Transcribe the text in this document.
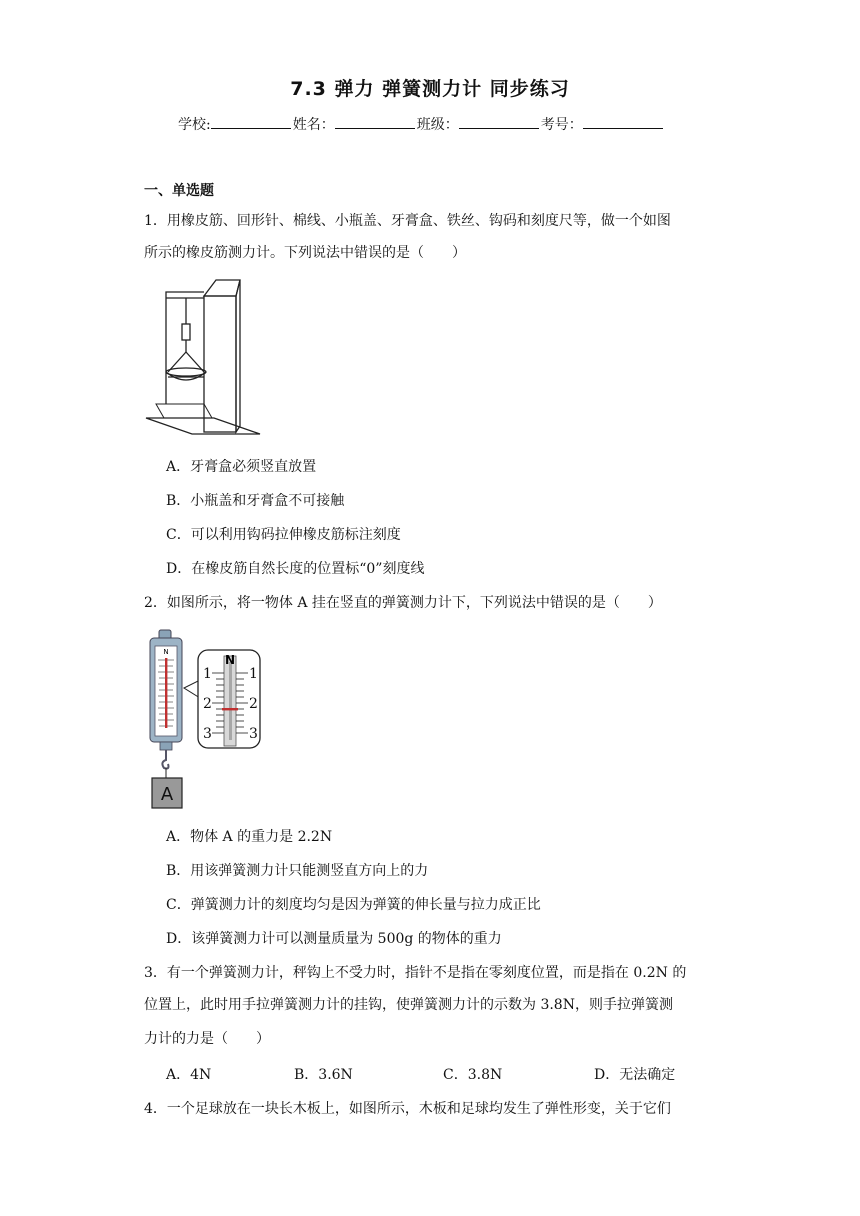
7.3 弹力 弹簧测力计 同步练习
学校:	姓名：	班级：	考号：
一、单选题
1．用橡皮筋、回形针、棉线、小瓶盖、牙膏盒、铁丝、钩码和刻度尺等，做一个如图
所示的橡皮筋测力计。下列说法中错误的是（　　）
A．牙膏盒必须竖直放置
B．小瓶盖和牙膏盒不可接触
C．可以利用钩码拉伸橡皮筋标注刻度
D．在橡皮筋自然长度的位置标“0”刻度线
2．如图所示，将一物体 A 挂在竖直的弹簧测力计下，下列说法中错误的是（　　）
N
A
N
1
2
3
1
2
3
A．物体 A 的重力是 2.2N
B．用该弹簧测力计只能测竖直方向上的力
C．弹簧测力计的刻度均匀是因为弹簧的伸长量与拉力成正比
D．该弹簧测力计可以测量质量为 500g 的物体的重力
3．有一个弹簧测力计，秤钩上不受力时，指针不是指在零刻度位置，而是指在 0.2N 的
位置上，此时用手拉弹簧测力计的挂钩，使弹簧测力计的示数为 3.8N，则手拉弹簧测
力计的力是（　　）
A．4N	B．3.6N	C．3.8N	D．无法确定
4．一个足球放在一块长木板上，如图所示，木板和足球均发生了弹性形变，关于它们
